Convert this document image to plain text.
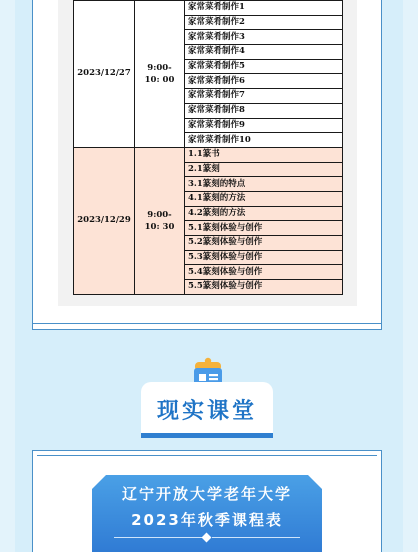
2023/12/27	9:00-
10: 00	家常菜肴制作1
		家常菜肴制作2
		家常菜肴制作3
		家常菜肴制作4
		家常菜肴制作5
		家常菜肴制作6
		家常菜肴制作7
		家常菜肴制作8
		家常菜肴制作9
		家常菜肴制作10
2023/12/29	9:00-
10: 30	1.1篆书
		2.1篆刻
		3.1篆刻的特点
		4.1篆刻的方法
		4.2篆刻的方法
		5.1篆刻体验与创作
		5.2篆刻体验与创作
		5.3篆刻体验与创作
		5.4篆刻体验与创作
		5.5篆刻体验与创作
现实课堂
辽宁开放大学老年大学
2023年秋季课程表
